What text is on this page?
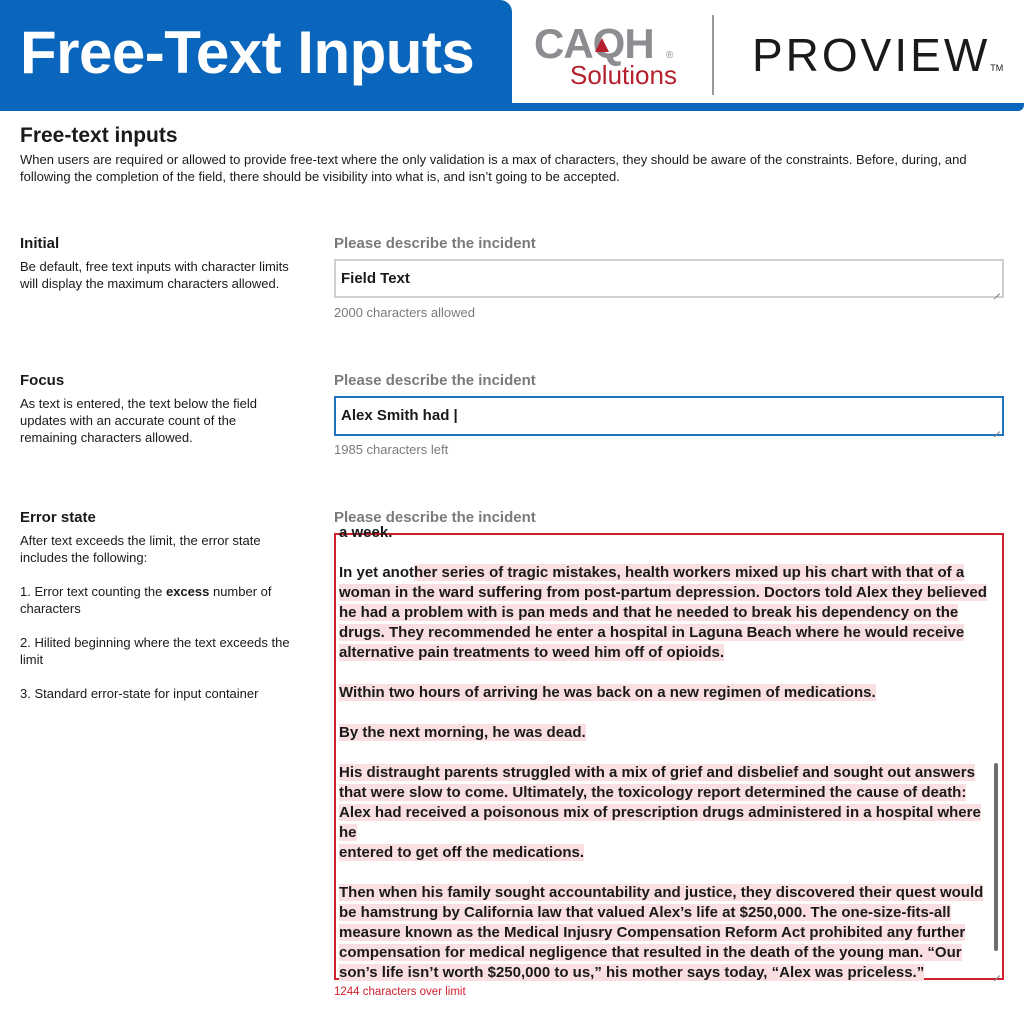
Free-Text Inputs CAQH ®
Solutions PROVIEWTM
Free-text inputs
When users are required or allowed to provide free-text where the only validation is a max of characters, they should be aware of the constraints. Before, during, and following the completion of the field, there should be visibility into what is, and isn’t going to be accepted.
Initial
Be default, free text inputs with character limits will display the maximum characters allowed.
Please describe the incident
Field Text
2000 characters allowed
Focus
As text is entered, the text below the field updates with an accurate count of the remaining characters allowed.
Please describe the incident
Alex Smith had |
1985 characters left
Error state

After text exceeds the limit, the error state includes the following:

1. Error text counting the excess number of characters

2. Hilited beginning where the text exceeds the limit

3. Standard error-state for input container

Please describe the incident
a week.
In yet another series of tragic mistakes, health workers mixed up his chart with that of a
woman in the ward suffering from post-partum depression. Doctors told Alex they believed
he had a problem with is pan meds and that he needed to break his dependency on the
drugs. They recommended he enter a hospital in Laguna Beach where he would receive
alternative pain treatments to weed him off of opioids.
Within two hours of arriving he was back on a new regimen of medications.
By the next morning, he was dead.
His distraught parents struggled with a mix of grief and disbelief and sought out answers
that were slow to come. Ultimately, the toxicology report determined the cause of death:
Alex had received a poisonous mix of prescription drugs administered in a hospital where he
entered to get off the medications.
Then when his family sought accountability and justice, they discovered their quest would
be hamstrung by California law that valued Alex’s life at $250,000. The one-size-fits-all
measure known as the Medical Injusry Compensation Reform Act prohibited any further
compensation for medical negligence that resulted in the death of the young man. “Our
son’s life isn’t worth $250,000 to us,” his mother says today, “Alex was priceless.”
1244 characters over limit
